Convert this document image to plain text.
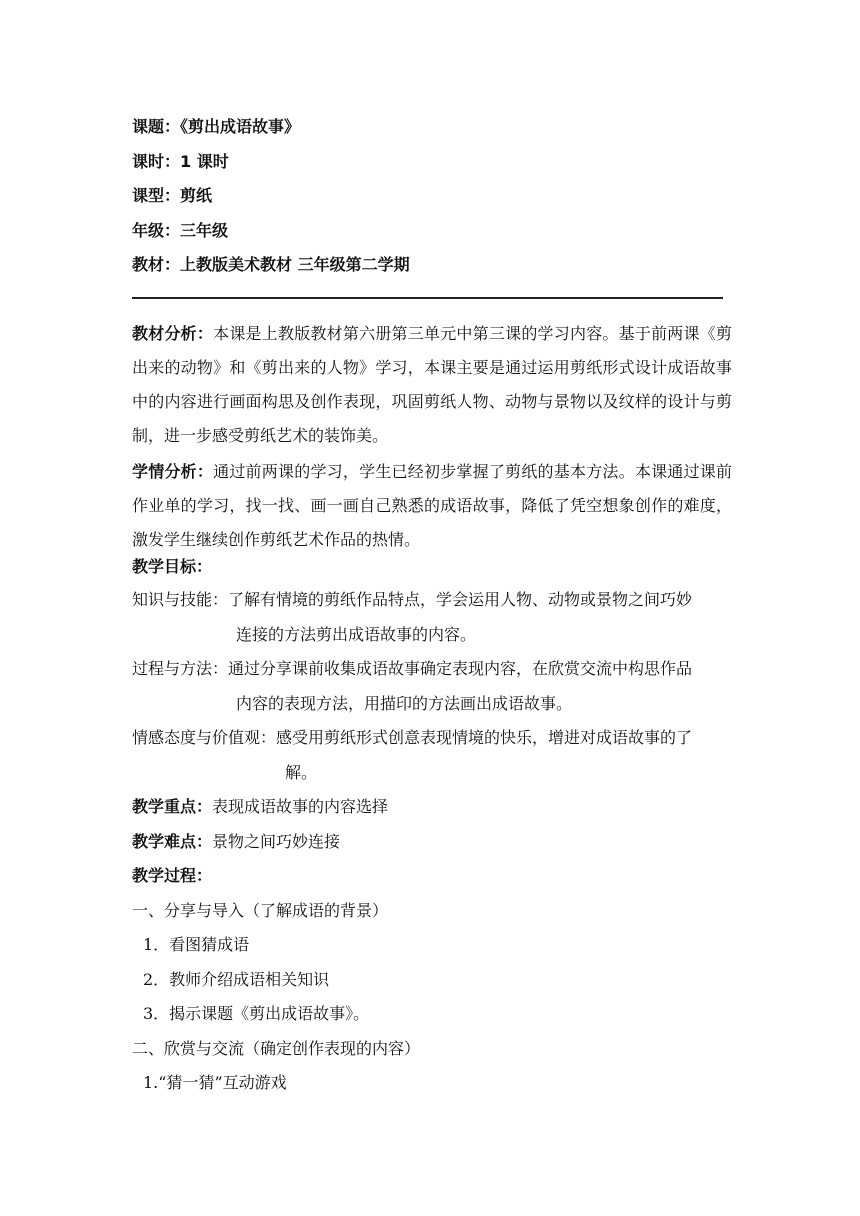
课题：《剪出成语故事》
课时：1 课时
课型：剪纸
年级：三年级
教材：上教版美术教材 三年级第二学期
教材分析：本课是上教版教材第六册第三单元中第三课的学习内容。基于前两课《剪出来的动物》和《剪出来的人物》学习，本课主要是通过运用剪纸形式设计成语故事中的内容进行画面构思及创作表现，巩固剪纸人物、动物与景物以及纹样的设计与剪制，进一步感受剪纸艺术的装饰美。
学情分析：通过前两课的学习，学生已经初步掌握了剪纸的基本方法。本课通过课前作业单的学习，找一找、画一画自己熟悉的成语故事，降低了凭空想象创作的难度，激发学生继续创作剪纸艺术作品的热情。
教学目标：
知识与技能：了解有情境的剪纸作品特点，学会运用人物、动物或景物之间巧妙
连接的方法剪出成语故事的内容。
过程与方法：通过分享课前收集成语故事确定表现内容，在欣赏交流中构思作品
内容的表现方法，用描印的方法画出成语故事。
情感态度与价值观：感受用剪纸形式创意表现情境的快乐，增进对成语故事的了
解。
教学重点：表现成语故事的内容选择
教学难点：景物之间巧妙连接
教学过程：
一、分享与导入（了解成语的背景）
1．看图猜成语
2．教师介绍成语相关知识
3．揭示课题《剪出成语故事》。
二、欣赏与交流（确定创作表现的内容）
1.“猜一猜”互动游戏
